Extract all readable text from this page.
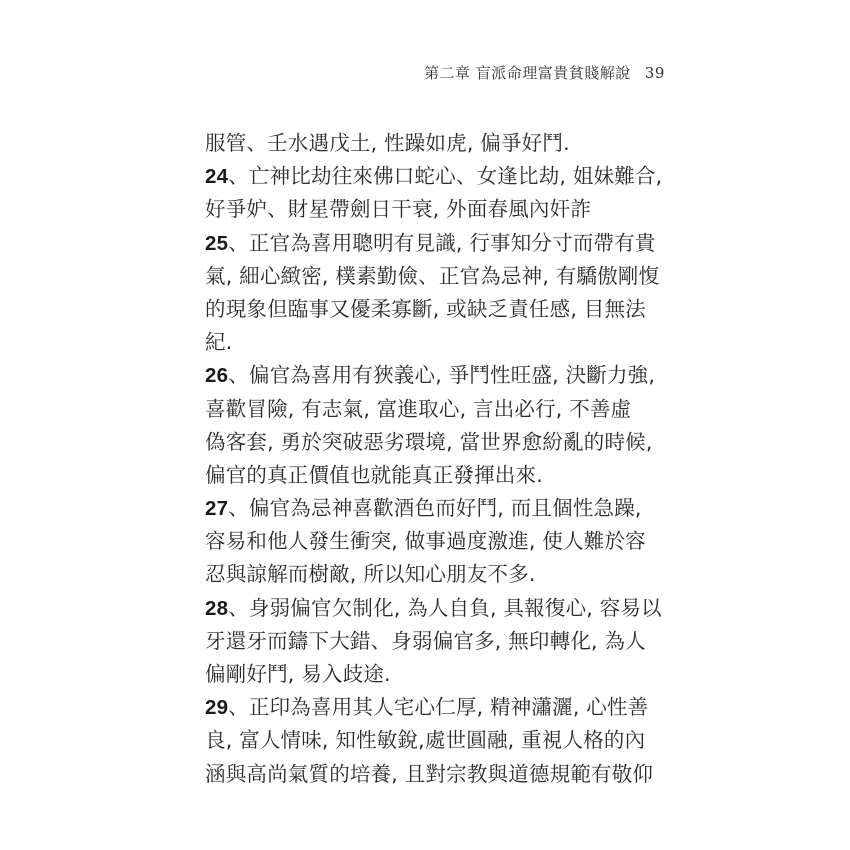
第二章 盲派命理富貴貧賤解說 39
服管、壬水遇戊土, 性躁如虎, 偏爭好鬥.
24、亡神比劫往來佛口蛇心、女逢比劫, 姐妹難合,
好爭妒、財星帶劍日干衰, 外面春風內奸詐
25、正官為喜用聰明有見識, 行事知分寸而帶有貴
氣, 細心緻密, 樸素勤儉、正官為忌神, 有驕傲剛愎
的現象但臨事又優柔寡斷, 或缺乏責任感, 目無法
紀.
26、偏官為喜用有狹義心, 爭鬥性旺盛, 決斷力強,
喜歡冒險, 有志氣, 富進取心, 言出必行, 不善虛
偽客套, 勇於突破惡劣環境, 當世界愈紛亂的時候,
偏官的真正價值也就能真正發揮出來.
27、偏官為忌神喜歡酒色而好鬥, 而且個性急躁,
容易和他人發生衝突, 做事過度激進, 使人難於容
忍與諒解而樹敵, 所以知心朋友不多.
28、身弱偏官欠制化, 為人自負, 具報復心, 容易以
牙還牙而鑄下大錯、身弱偏官多, 無印轉化, 為人
偏剛好鬥, 易入歧途.
29、正印為喜用其人宅心仁厚, 精神瀟灑, 心性善
良, 富人情味, 知性敏銳,處世圓融, 重視人格的內
涵與高尚氣質的培養, 且對宗教與道德規範有敬仰
